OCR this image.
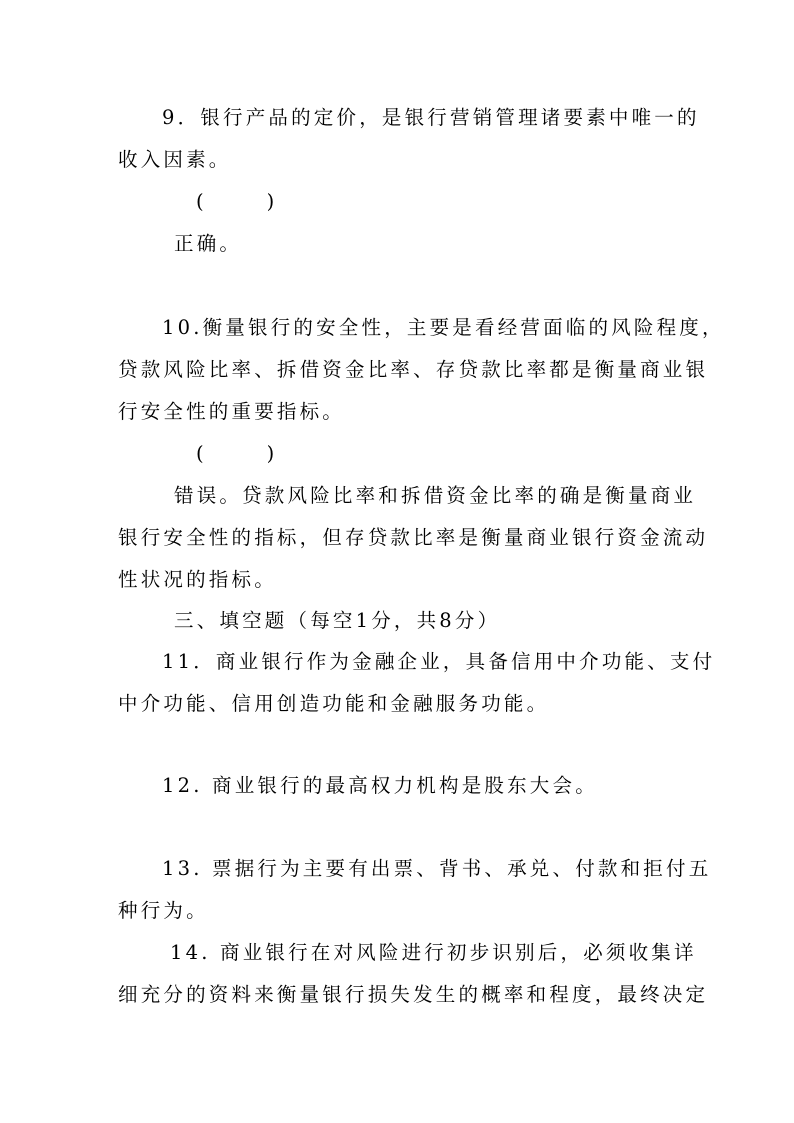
9．银行产品的定价，是银行营销管理诸要素中唯一的
收入因素。
(　　)
正确。
10.衡量银行的安全性，主要是看经营面临的风险程度，
贷款风险比率、拆借资金比率、存贷款比率都是衡量商业银
行安全性的重要指标。
(　　)
错误。贷款风险比率和拆借资金比率的确是衡量商业
银行安全性的指标，但存贷款比率是衡量商业银行资金流动
性状况的指标。
三、填空题（每空1分，共8分）
11．商业银行作为金融企业，具备信用中介功能、支付
中介功能、信用创造功能和金融服务功能。
12. 商业银行的最高权力机构是股东大会。
13. 票据行为主要有出票、背书、承兑、付款和拒付五
种行为。
14. 商业银行在对风险进行初步识别后，必须收集详
细充分的资料来衡量银行损失发生的概率和程度，最终决定
